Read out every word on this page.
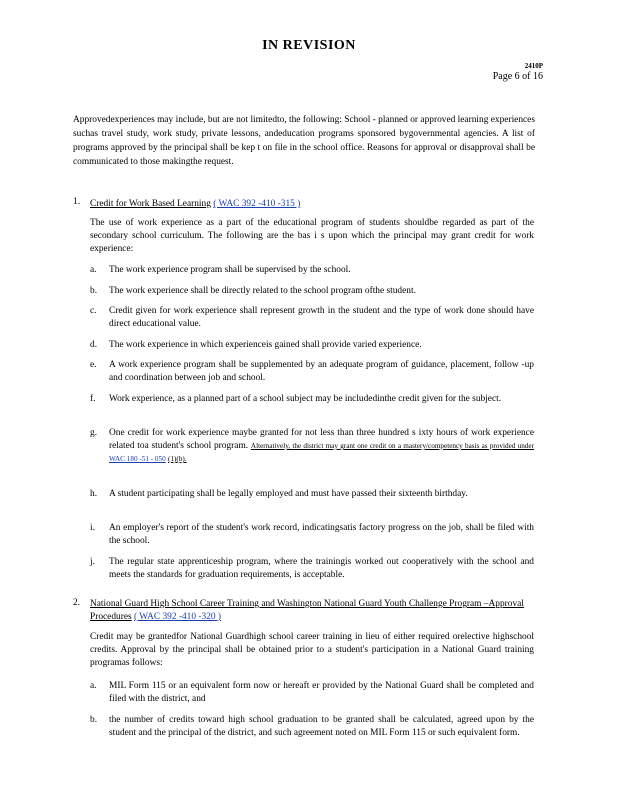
IN REVISION
2410P
Page 6 of 16
Approvedexperiences may include, but are not limitedto, the following: School - planned or approved learning experiences suchas travel study, work study, private lessons, andeducation programs sponsored bygovernmental agencies. A list of programs approved by the principal shall be kep t on file in the school office. Reasons for approval or disapproval shall be communicated to those makingthe request.
1. Credit for Work Based Learning ( WAC 392 -410 -315 )
The use of work experience as a part of the educational program of students shouldbe regarded as part of the secondary school curriculum. The following are the bas i s upon which the principal may grant credit for work experience:
a.	The work experience program shall be supervised by the school.
b.	The work experience shall be directly related to the school program ofthe student.
c.	Credit given for work experience shall represent growth in the student and the type of work done should have direct educational value.
d.	The work experience in which experienceis gained shall provide varied experience.
e.	A work experience program shall be supplemented by an adequate program of guidance, placement, follow -up and coordination between job and school.
f.	Work experience, as a planned part of a school subject may be includedinthe credit given for the subject.
g.	One credit for work experience maybe granted for not less than three hundred s ixty hours of work experience related toa student's school program. Alternatively, the district may grant one credit on a mastery/competency basis as provided under WAC 180 -51 - 050 (1)(b).
h.	A student participating shall be legally employed and must have passed their sixteenth birthday.
i.	An employer's report of the student's work record, indicatingsatis factory progress on the job, shall be filed with the school.
j.	The regular state apprenticeship program, where the trainingis worked out cooperatively with the school and meets the standards for graduation requirements, is acceptable.
2. National Guard High School Career Training and Washington National Guard Youth Challenge Program –Approval Procedures ( WAC 392 -410 -320 )
Credit may be grantedfor National Guardhigh school career training in lieu of either required orelective highschool credits. Approval by the principal shall be obtained prior to a student's participation in a National Guard training programas follows:
a.	MIL Form 115 or an equivalent form now or hereaft er provided by the National Guard shall be completed and filed with the district, and
b.	the number of credits toward high school graduation to be granted shall be calculated, agreed upon by the student and the principal of the district, and such agreement noted on MIL Form 115 or such equivalent form.
